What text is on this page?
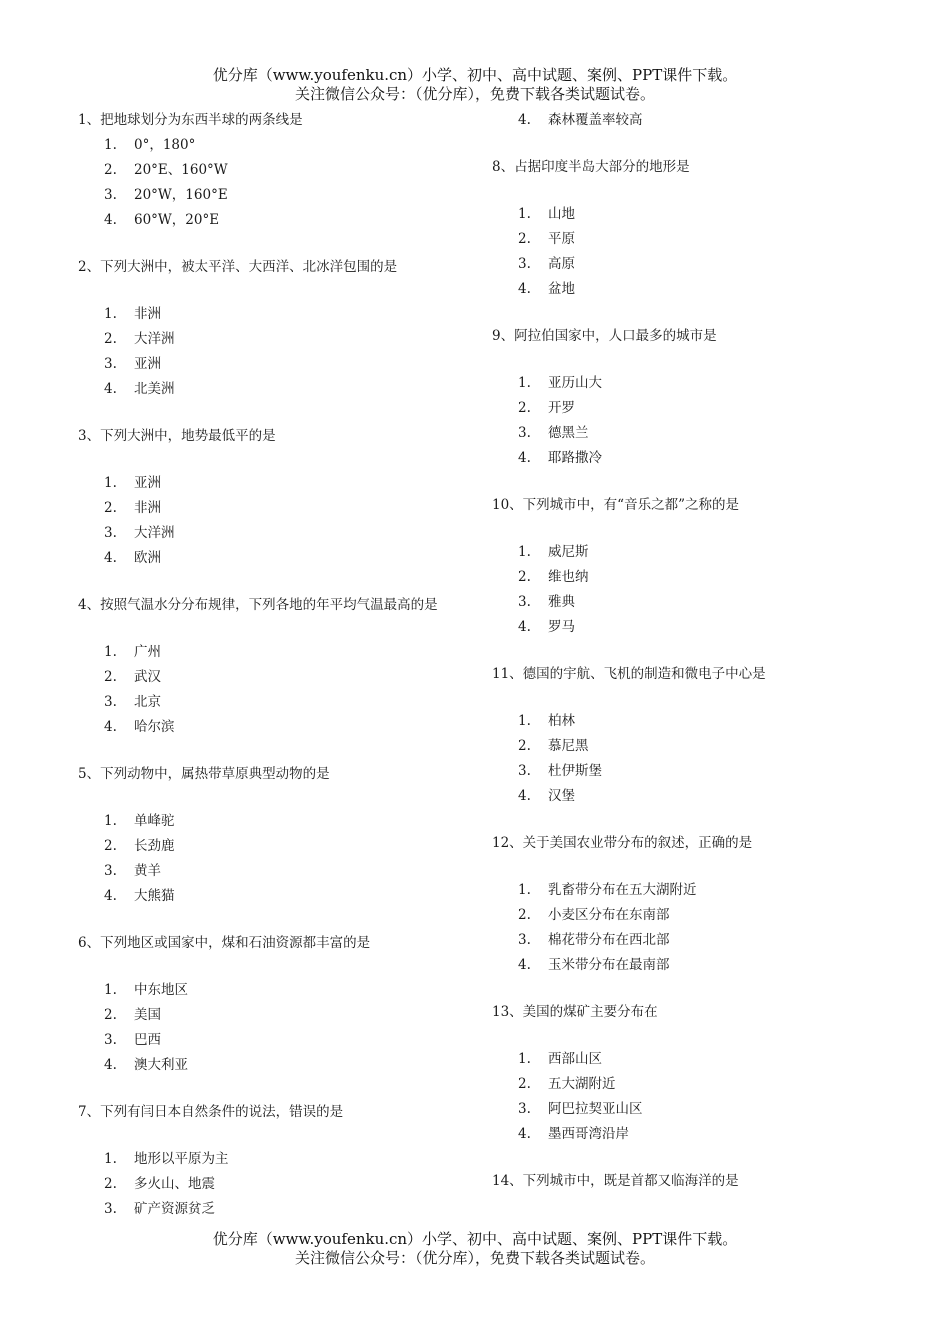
优分库（www.youfenku.cn）小学、初中、高中试题、案例、PPT课件下载。
关注微信公众号：（优分库），免费下载各类试题试卷。
1、把地球划分为东西半球的两条线是
1. 0°，180°
2. 20°E、160°W
3. 20°W，160°E
4. 60°W，20°E
2、下列大洲中，被太平洋、大西洋、北冰洋包围的是
1. 非洲
2. 大洋洲
3. 亚洲
4. 北美洲
3、下列大洲中，地势最低平的是
1. 亚洲
2. 非洲
3. 大洋洲
4. 欧洲
4、按照气温水分分布规律，下列各地的年平均气温最高的是
1. 广州
2. 武汉
3. 北京
4. 哈尔滨
5、下列动物中，属热带草原典型动物的是
1. 单峰驼
2. 长劲鹿
3. 黄羊
4. 大熊猫
6、下列地区或国家中，煤和石油资源都丰富的是
1. 中东地区
2. 美国
3. 巴西
4. 澳大利亚
7、下列有闫日本自然条件的说法，错误的是
1. 地形以平原为主
2. 多火山、地震
3. 矿产资源贫乏
4. 森林覆盖率较高
8、占据印度半岛大部分的地形是
1. 山地
2. 平原
3. 高原
4. 盆地
9、阿拉伯国家中，人口最多的城市是
1. 亚历山大
2. 开罗
3. 德黑兰
4. 耶路撒冷
10、下列城市中，有“音乐之都”之称的是
1. 威尼斯
2. 维也纳
3. 雅典
4. 罗马
11、德国的宇航、飞机的制造和微电子中心是
1. 柏林
2. 慕尼黑
3. 杜伊斯堡
4. 汉堡
12、关于美国农业带分布的叙述，正确的是
1. 乳畜带分布在五大湖附近
2. 小麦区分布在东南部
3. 棉花带分布在西北部
4. 玉米带分布在最南部
13、美国的煤矿主要分布在
1. 西部山区
2. 五大湖附近
3. 阿巴拉契亚山区
4. 墨西哥湾沿岸
14、下列城市中，既是首都又临海洋的是
优分库（www.youfenku.cn）小学、初中、高中试题、案例、PPT课件下载。
关注微信公众号：（优分库），免费下载各类试题试卷。
